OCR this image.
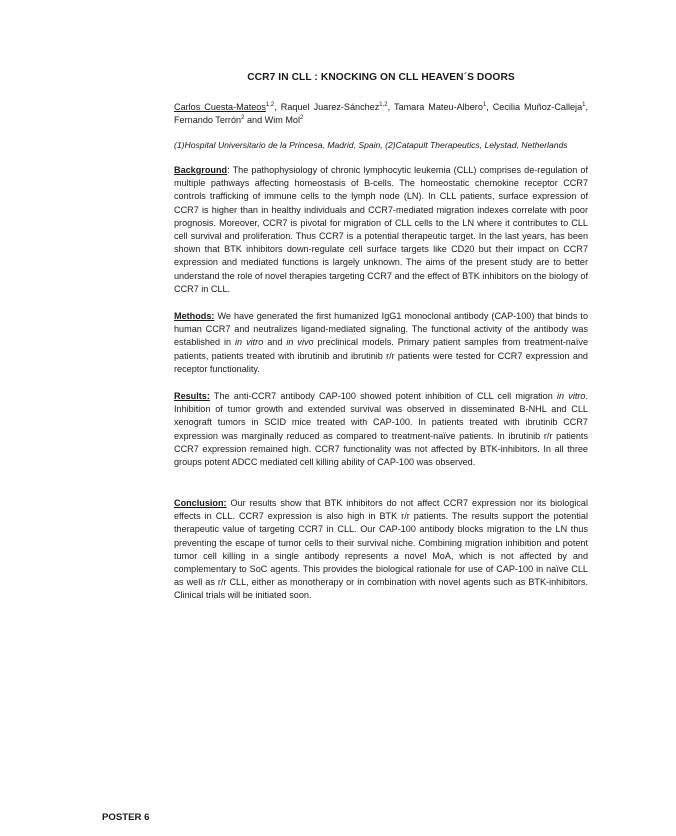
CCR7 IN CLL : KNOCKING ON CLL HEAVEN´S DOORS
Carlos Cuesta-Mateos$^{1,2}$, Raquel Juarez-Sánchez$^{1,2}$, Tamara Mateu-Albero$^1$, Cecilia Muñoz-Calleja$^1$, Fernando Terrón$^2$ and Wim Mol$^2$
(1)Hospital Universitario de la Princesa, Madrid, Spain, (2)Catapult Therapeutics, Lelystad, Netherlands
Background: The pathophysiology of chronic lymphocytic leukemia (CLL) comprises de-regulation of multiple pathways affecting homeostasis of B-cells. The homeostatic chemokine receptor CCR7 controls trafficking of immune cells to the lymph node (LN). In CLL patients, surface expression of CCR7 is higher than in healthy individuals and CCR7-mediated migration indexes correlate with poor prognosis. Moreover, CCR7 is pivotal for migration of CLL cells to the LN where it contributes to CLL cell survival and proliferation. Thus CCR7 is a potential therapeutic target. In the last years, has been shown that BTK inhibitors down-regulate cell surface targets like CD20 but their impact on CCR7 expression and mediated functions is largely unknown. The aims of the present study are to better understand the role of novel therapies targeting CCR7 and the effect of BTK inhibitors on the biology of CCR7 in CLL.
Methods: We have generated the first humanized IgG1 monoclonal antibody (CAP-100) that binds to human CCR7 and neutralizes ligand-mediated signaling. The functional activity of the antibody was established in in vitro and in vivo preclinical models. Primary patient samples from treatment-naïve patients, patients treated with ibrutinib and ibrutinib r/r patients were tested for CCR7 expression and receptor functionality.
Results: The anti-CCR7 antibody CAP-100 showed potent inhibition of CLL cell migration in vitro. Inhibition of tumor growth and extended survival was observed in disseminated B-NHL and CLL xenograft tumors in SCID mice treated with CAP-100. In patients treated with ibrutinib CCR7 expression was marginally reduced as compared to treatment-naïve patients. In ibrutinib r/r patients CCR7 expression remained high. CCR7 functionality was not affected by BTK-inhibitors. In all three groups potent ADCC mediated cell killing ability of CAP-100 was observed.
Conclusion: Our results show that BTK inhibitors do not affect CCR7 expression nor its biological effects in CLL. CCR7 expression is also high in BTK r/r patients. The results support the potential therapeutic value of targeting CCR7 in CLL. Our CAP-100 antibody blocks migration to the LN thus preventing the escape of tumor cells to their survival niche. Combining migration inhibition and potent tumor cell killing in a single antibody represents a novel MoA, which is not affected by and complementary to SoC agents. This provides the biological rationale for use of CAP-100 in naïve CLL as well as r/r CLL, either as monotherapy or in combination with novel agents such as BTK-inhibitors. Clinical trials will be initiated soon.
POSTER 6
